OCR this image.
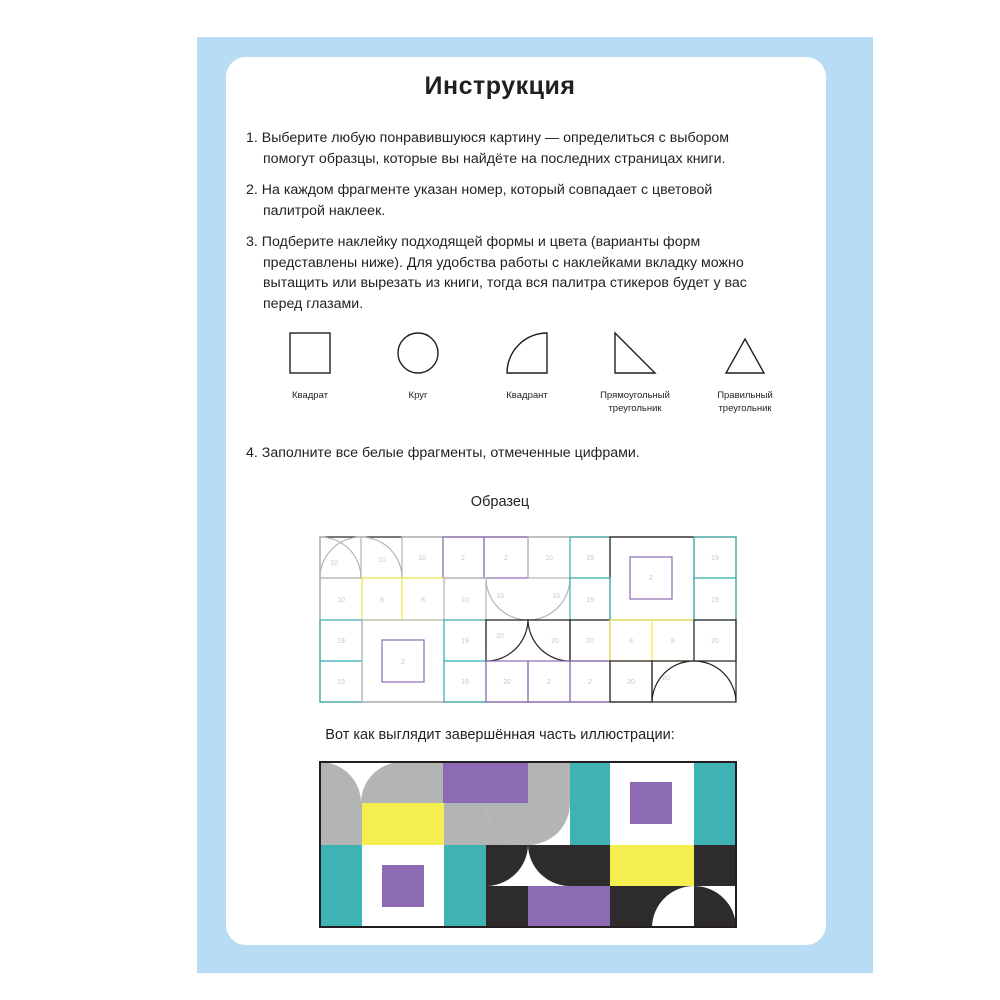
Инструкция
1. Выберите любую понравившуюся картину — определиться с выбором
помогут образцы, которые вы найдёте на последних страницах книги.
2. На каждом фрагменте указан номер, который совпадает с цветовой
палитрой наклеек.
3. Подберите наклейку подходящей формы и цвета (варианты форм
представлены ниже). Для удобства работы с наклейками вкладку можно
вытащить или вырезать из книги, тогда вся палитра стикеров будет у вас
перед глазами.
Квадрат	Круг	Квадрант	Прямоугольный
треугольник
Правильный
треугольник
4. Заполните все белые фрагменты, отмеченные цифрами.
Образец
10	10	10	2	2	10	19	19
2
10	8	8	10
10	10
19	19
19
19
2
19
19
20
20	20	8	8	20
20	2	2	20
20
Вот как выглядит завершённая часть иллюстрации:
